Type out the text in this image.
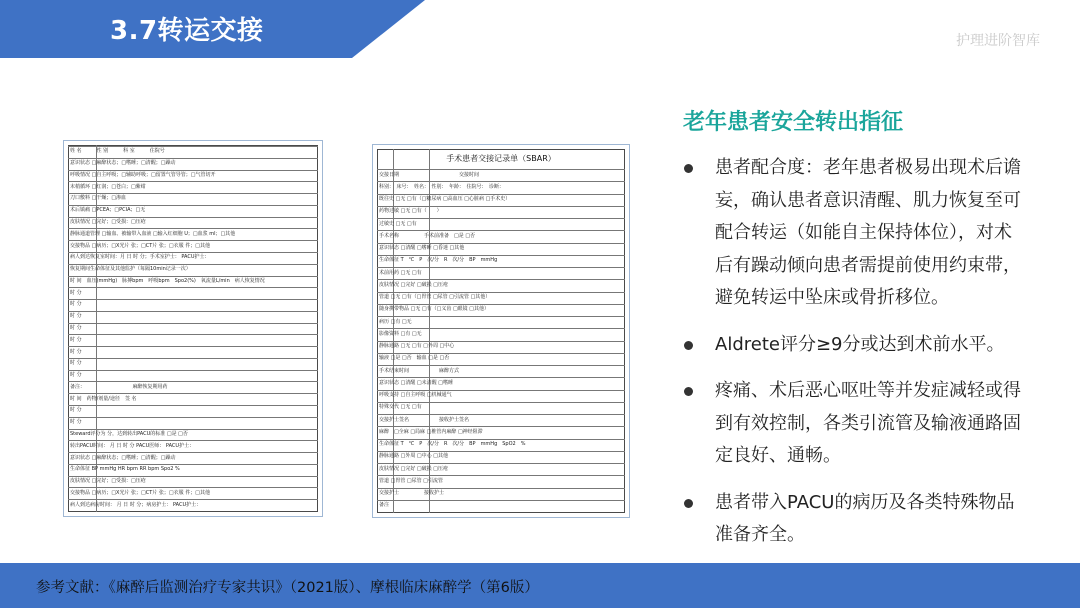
3.7转运交接	护理进阶智库
姓 名　　　性 别　　　科 室　　　住院号
意识状态 □麻醉状态；□嗜睡；□清醒；□躁动
呼吸情况 □自主呼吸；□辅助呼吸；□留置气管导管；□气管切开
末梢循环 □红润；□苍白；□紫绀
刀口敷料 □干燥；□渗血
术后镇痛 □PCEA；□PCIA；□无
皮肤情况 □完好；□受损：□压疮
静脉通道管理 □输血、被输带入血液 □输入红细胞 U；□血浆 ml；□其他
交接物品 □病历；□X光片 张；□CT片 张；□衣服 件；□其他
病人到达恢复室时间：月 日 时 分；手术室护士： PACU护士：
恢复期间生命体征及其他监护（每隔10min记录一次）
时 间　血压(mmHg)　脉搏bpm　呼吸bpm　Spo2(%)　氧流量L/min　病人恢复情况
时 分
时 分
时 分
时 分
时 分
时 分
时 分
时 分
备注：　　　　　　　　　　麻醉恢复期用药
时 间　药物/剂量/途径　签 名
时 分
时 分
Steward评分为 分，达到转出PACU的标准 □是 □否
转出PACU时间： 月 日 时 分 PACU医师： PACU护士：
意识状态 □麻醉状态；□嗜睡；□清醒；□躁动
生命体征 BP mmHg HR bpm RR bpm Spo2 %
皮肤情况 □完好；□受损：□压疮
交接物品 □病历；□X光片 张；□CT片 张；□衣服 件；□其他
病人到达病房时间： 月 日 时 分；病房护士： PACU护士：
手术患者交接记录单（SBAR）
交接日期　　　　　　　　　　　　交接时间
科别：　床号：　姓名：　性别：　年龄：　住院号：　诊断：
既往史 □无 □有（□糖尿病 □高血压 □心脏病 □手术史）
药物过敏 □无 □有（　　）
过敏史 □无 □有
手术名称　　　　　手术前准备　□是 □否
意识状态 □清醒 □嗜睡 □昏迷 □其他
生命体征 T　℃　P　次/分　R　次/分　BP　mmHg
术前用药 □无 □有
皮肤情况 □完好 □破损 □压疮
管道 □无 □有（□胃管 □尿管 □引流管 □其他）
随身携带物品 □无 □有（□义齿 □眼镜 □其他）
病历 □有 □无
影像资料 □有 □无
静脉通路 □无 □有 □外周 □中心
输液 □是 □否　输血 □是 □否
手术结束时间　　　　　　麻醉方式
意识状态 □清醒 □未清醒 □嗜睡
呼吸支持 □自主呼吸 □机械通气
特殊交代 □无 □有
交接护士签名　　　　　　接收护士签名
麻醉　□全麻 □局麻 □椎管内麻醉 □神经阻滞
生命体征 T　℃　P　次/分　R　次/分　BP　mmHg　SpO2　%
静脉通路 □外周 □中心 □其他
皮肤情况 □完好 □破损 □压疮
管道 □胃管 □尿管 □引流管
交接护士　　　　　接收护士
备注
老年患者安全转出指征
患者配合度：老年患者极易出现术后谵妄，确认患者意识清醒、肌力恢复至可配合转运（如能自主保持体位），对术后有躁动倾向患者需提前使用约束带，避免转运中坠床或骨折移位。
Aldrete评分≥9分或达到术前水平。
疼痛、术后恶心呕吐等并发症减轻或得到有效控制，各类引流管及输液通路固定良好、通畅。
患者带入PACU的病历及各类特殊物品准备齐全。
参考文献：《麻醉后监测治疗专家共识》（2021版）、摩根临床麻醉学（第6版）
